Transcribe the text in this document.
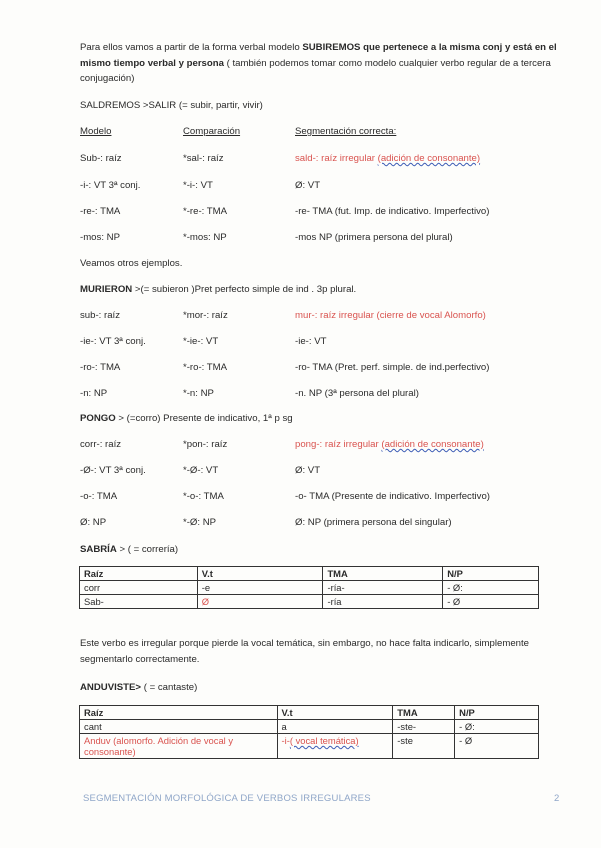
Para ellos vamos a partir de la forma verbal modelo SUBIREMOS que pertenece a la misma conj y está en el mismo tiempo verbal y persona ( también podemos tomar como modelo cualquier verbo regular de a tercera conjugación)
SALDREMOS >SALIR (= subir, partir, vivir)
Modelo	Comparación	Segmentación correcta:
Sub-: raíz	*sal-: raíz	sald-: raíz irregular (adición de consonante)
-i-: VT 3ª conj.	*-i-: VT	Ø: VT
-re-: TMA	*-re-: TMA	-re- TMA (fut. Imp. de indicativo. Imperfectivo)
-mos: NP	*-mos: NP	-mos NP (primera persona del plural)
Veamos otros ejemplos.
MURIERON >(= subieron )Pret perfecto simple de ind . 3p plural.
sub-: raíz	*mor-: raíz	mur-: raíz irregular (cierre de vocal Alomorfo)
-ie-: VT 3ª conj.	*-ie-: VT	-ie-: VT
-ro-: TMA	*-ro-: TMA	-ro- TMA (Pret. perf. simple. de ind.perfectivo)
-n: NP	*-n: NP	-n. NP (3ª persona del plural)
PONGO > (=corro) Presente de indicativo, 1ª p sg
corr-: raíz	*pon-: raíz	pong-: raíz irregular (adición de consonante)
-Ø-: VT 3ª conj.	*-Ø-: VT	Ø: VT
-o-: TMA	*-o-: TMA	-o- TMA (Presente de indicativo. Imperfectivo)
Ø: NP	*-Ø: NP	Ø: NP (primera persona del singular)
SABRÍA > ( = correría)
Raíz	V.t	TMA	N/P
corr	-e	-ría-	- Ø:
Sab-	Ø	-ría	- Ø
Este verbo es irregular porque pierde la vocal temática, sin embargo, no hace falta indicarlo, simplemente segmentarlo correctamente.
ANDUVISTE> ( = cantaste)
Raíz	V.t	TMA	N/P
cant	a	-ste-	- Ø:
Anduv (alomorfo. Adición de vocal y consonante)	-i-( vocal temática)	-ste	- Ø
SEGMENTACIÓN MORFOLÓGICA DE VERBOS IRREGULARES	2
